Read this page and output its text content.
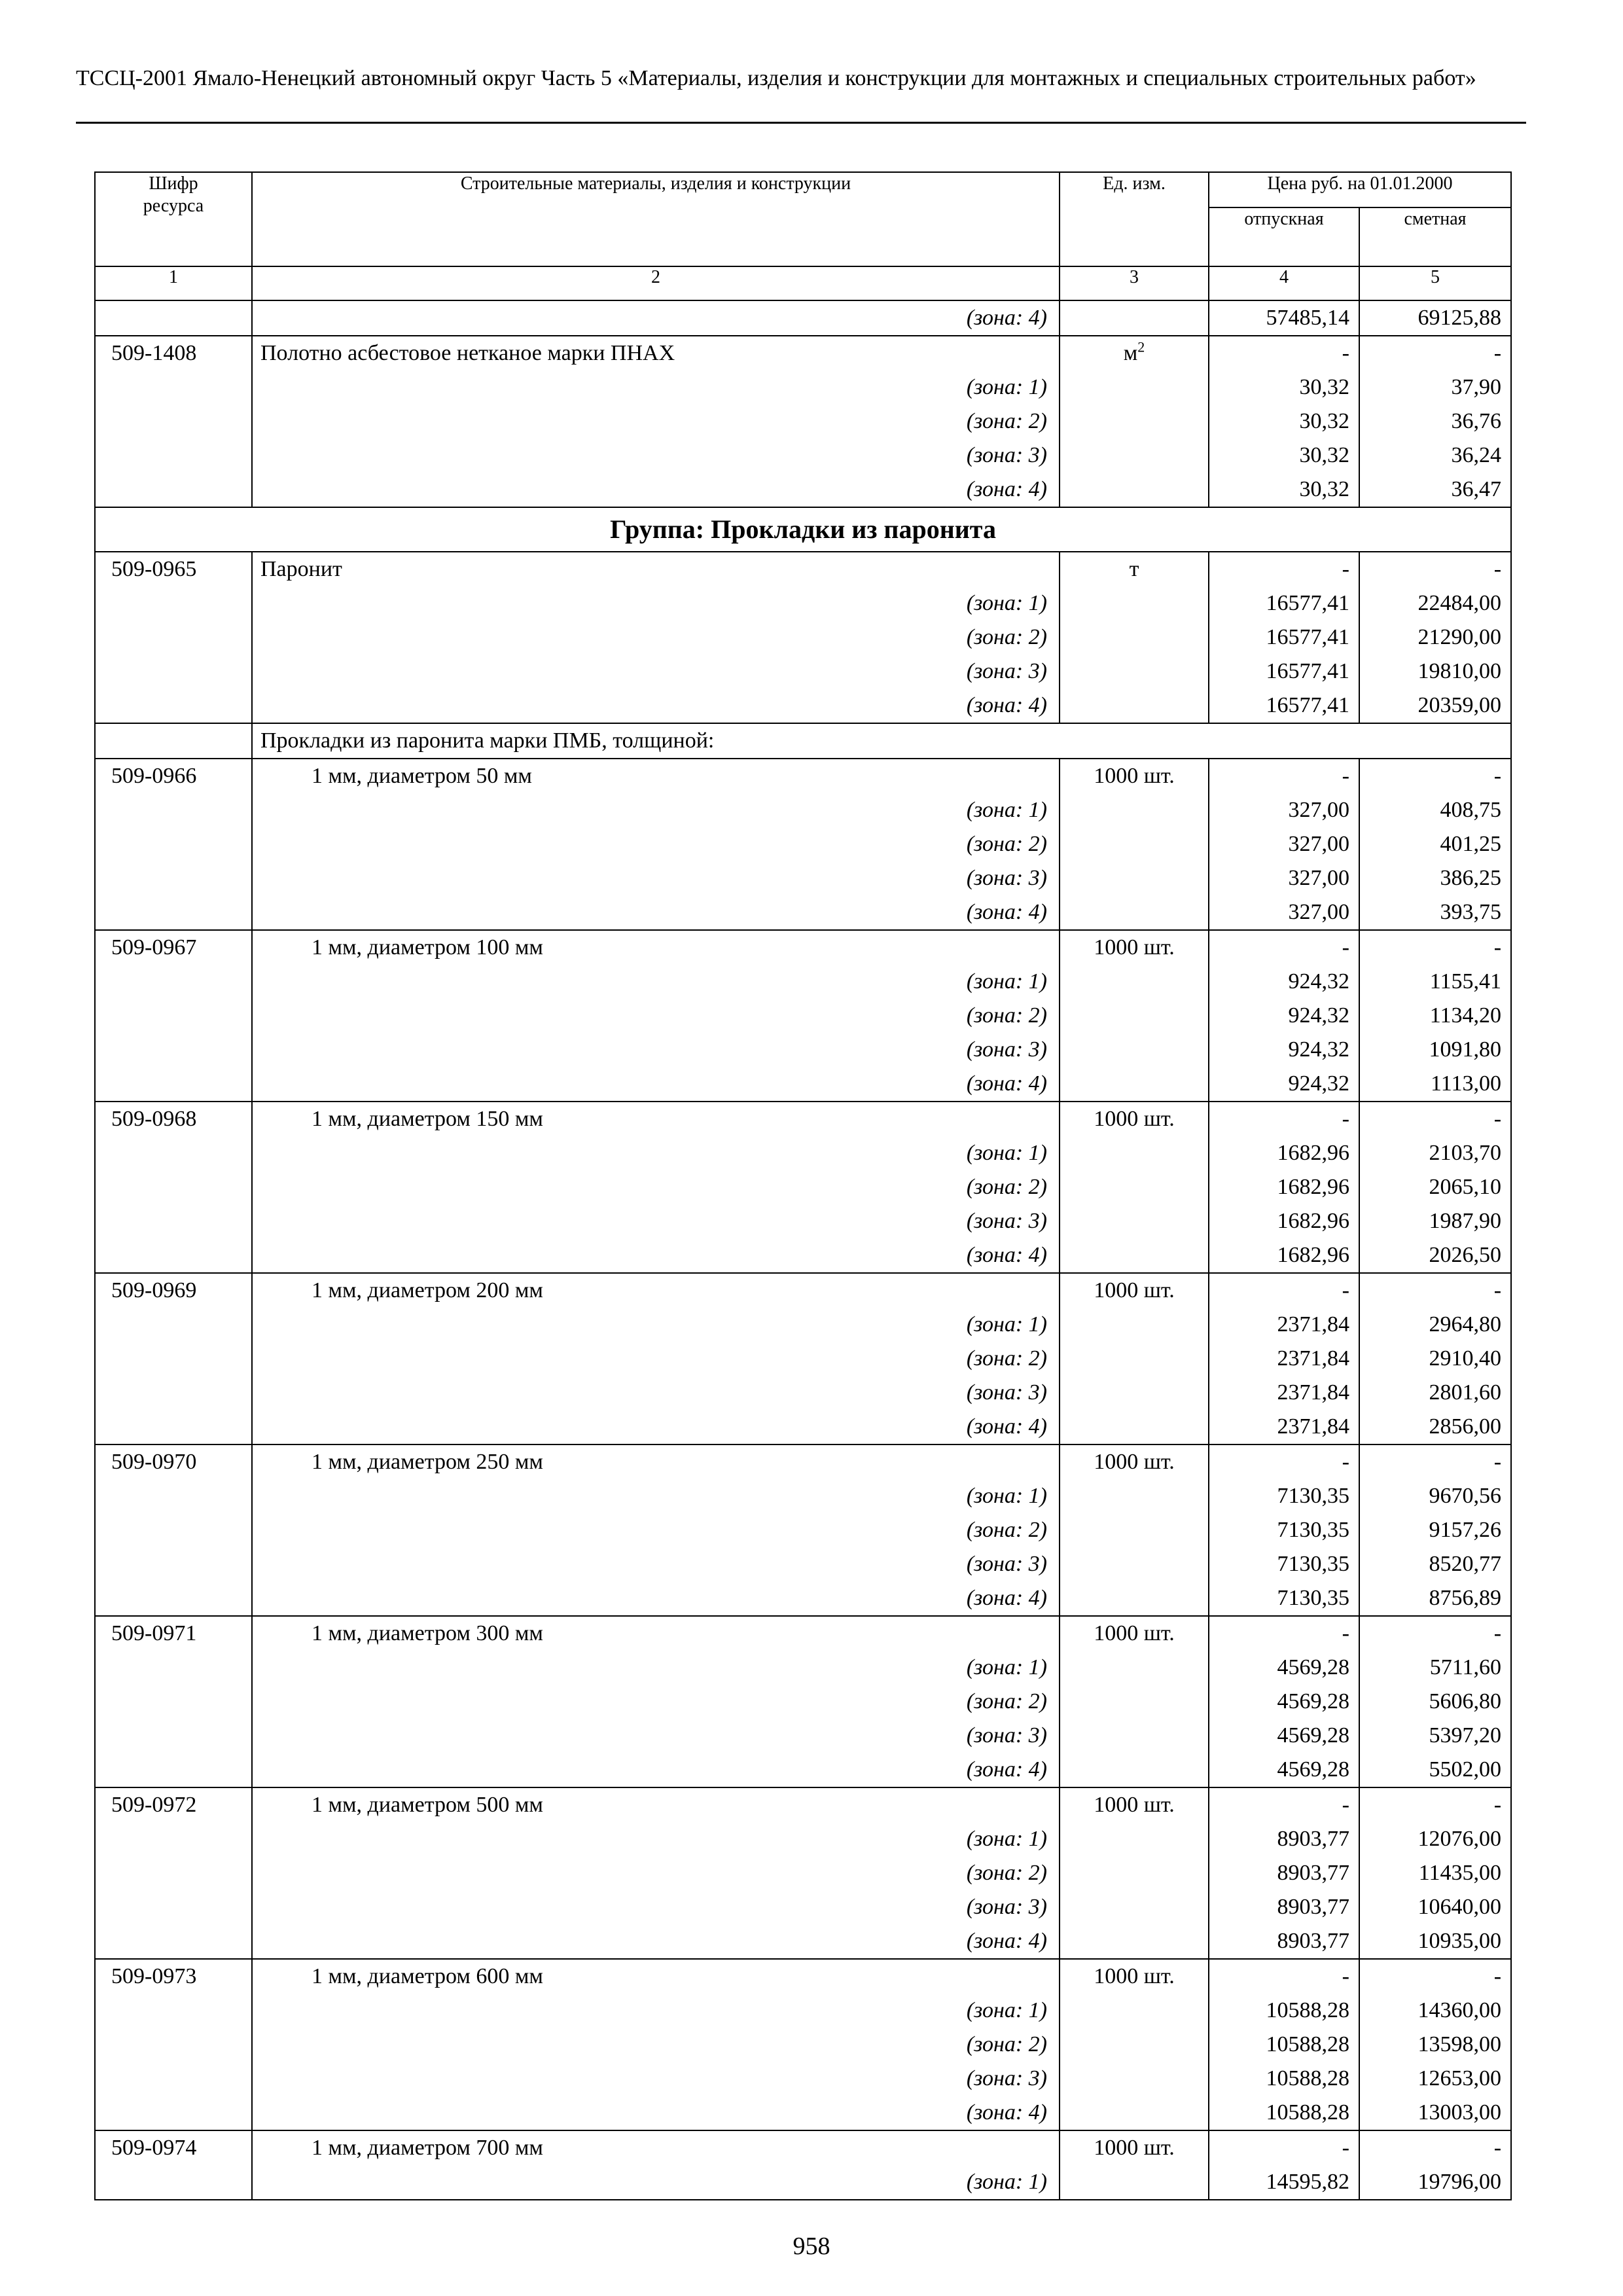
ТССЦ-2001 Ямало-Ненецкий автономный округ Часть 5 «Материалы, изделия и конструкции для монтажных и специальных строительных работ»
Шифр ресурса	Строительные материалы, изделия и конструкции	Ед. изм.	Цена руб. на 01.01.2000	
			отпускная	сметная
1	2	3	4	5
	(зона: 4)		57485,14	69125,88
509-1408	Полотно асбестовое нетканое марки ПНАХ	$м^2$	-	-
	(зона: 1)		30,32	37,90
	(зона: 2)		30,32	36,76
	(зона: 3)		30,32	36,24
	(зона: 4)		30,32	36,47
Группа: Прокладки из паронита				
509-0965	Паронит	т	-	-
	(зона: 1)		16577,41	22484,00
	(зона: 2)		16577,41	21290,00
	(зона: 3)		16577,41	19810,00
	(зона: 4)		16577,41	20359,00
	Прокладки из паронита марки ПМБ, толщиной:			
509-0966	1 мм, диаметром 50 мм	1000 шт.	-	-
	(зона: 1)		327,00	408,75
	(зона: 2)		327,00	401,25
	(зона: 3)		327,00	386,25
	(зона: 4)		327,00	393,75
509-0967	1 мм, диаметром 100 мм	1000 шт.	-	-
	(зона: 1)		924,32	1155,41
	(зона: 2)		924,32	1134,20
	(зона: 3)		924,32	1091,80
	(зона: 4)		924,32	1113,00
509-0968	1 мм, диаметром 150 мм	1000 шт.	-	-
	(зона: 1)		1682,96	2103,70
	(зона: 2)		1682,96	2065,10
	(зона: 3)		1682,96	1987,90
	(зона: 4)		1682,96	2026,50
509-0969	1 мм, диаметром 200 мм	1000 шт.	-	-
	(зона: 1)		2371,84	2964,80
	(зона: 2)		2371,84	2910,40
	(зона: 3)		2371,84	2801,60
	(зона: 4)		2371,84	2856,00
509-0970	1 мм, диаметром 250 мм	1000 шт.	-	-
	(зона: 1)		7130,35	9670,56
	(зона: 2)		7130,35	9157,26
	(зона: 3)		7130,35	8520,77
	(зона: 4)		7130,35	8756,89
509-0971	1 мм, диаметром 300 мм	1000 шт.	-	-
	(зона: 1)		4569,28	5711,60
	(зона: 2)		4569,28	5606,80
	(зона: 3)		4569,28	5397,20
	(зона: 4)		4569,28	5502,00
509-0972	1 мм, диаметром 500 мм	1000 шт.	-	-
	(зона: 1)		8903,77	12076,00
	(зона: 2)		8903,77	11435,00
	(зона: 3)		8903,77	10640,00
	(зона: 4)		8903,77	10935,00
509-0973	1 мм, диаметром 600 мм	1000 шт.	-	-
	(зона: 1)		10588,28	14360,00
	(зона: 2)		10588,28	13598,00
	(зона: 3)		10588,28	12653,00
	(зона: 4)		10588,28	13003,00
509-0974	1 мм, диаметром 700 мм	1000 шт.	-	-
	(зона: 1)		14595,82	19796,00
958
